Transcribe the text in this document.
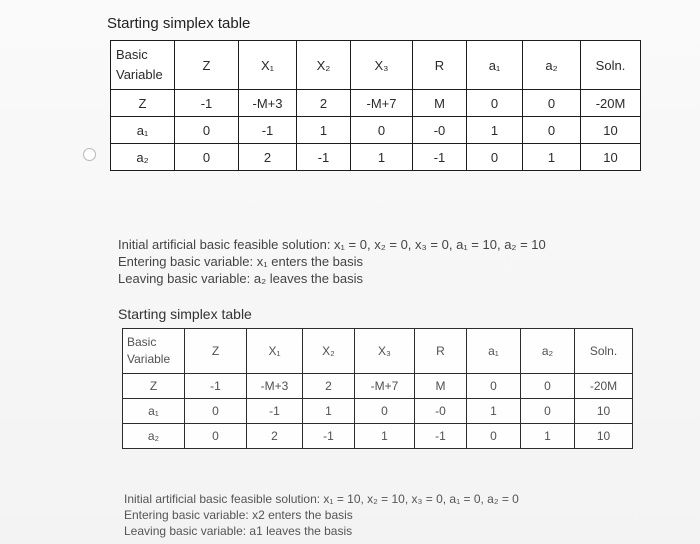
Starting simplex table
Basic
Variable	Z	X₁	X₂	X₃	R	a₁	a₂	Soln.
Z	-1	-M+3	2	-M+7	M	0	0	-20M
a₁	0	-1	1	0	-0	1	0	10
a₂	0	2	-1	1	-1	0	1	10
Initial artificial basic feasible solution: x₁ = 0, x₂ = 0, x₃ = 0, a₁ = 10, a₂ = 10
Entering basic variable: x₁ enters the basis
Leaving basic variable: a₂ leaves the basis
Starting simplex table
Basic
Variable	Z	X₁	X₂	X₃	R	a₁	a₂	Soln.
Z	-1	-M+3	2	-M+7	M	0	0	-20M
a₁	0	-1	1	0	-0	1	0	10
a₂	0	2	-1	1	-1	0	1	10
Initial artificial basic feasible solution: x₁ = 10, x₂ = 10, x₃ = 0, a₁ = 0, a₂ = 0
Entering basic variable: x2 enters the basis
Leaving basic variable: a1 leaves the basis
